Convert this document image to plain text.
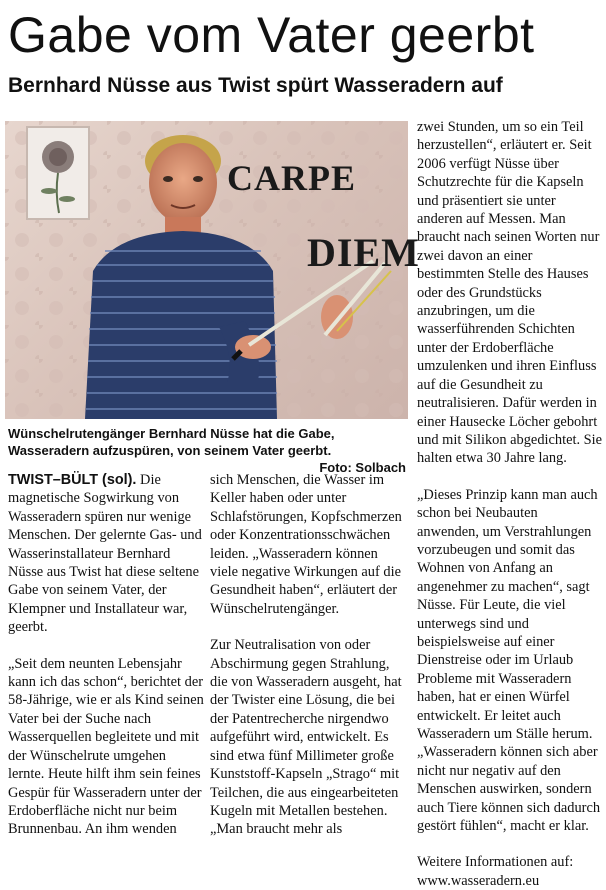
Gabe vom Vater geerbt
Bernhard Nüsse aus Twist spürt Wasseradern auf
CARPE
DIEM
Wünschelrutengänger Bernhard Nüsse hat die Gabe, Wasseradern aufzuspüren, von seinem Vater geerbt.
Foto: Solbach

TWIST–BÜLT (sol). Die magnetische Sogwirkung von Wasseradern spüren nur wenige Menschen. Der gelernte Gas- und Wasserinstallateur Bernhard Nüsse aus Twist hat diese seltene Gabe von seinem Vater, der Klempner und Installateur war, geerbt.

„Seit dem neunten Lebensjahr kann ich das schon“, berichtet der 58-Jährige, wie er als Kind seinen Vater bei der Suche nach Wasserquellen begleitete und mit der Wünschelrute umgehen lernte. Heute hilft ihm sein feines Gespür für Wasseradern unter der Erdoberfläche nicht nur beim Brunnenbau. An ihm wenden

sich Menschen, die Wasser im Keller haben oder unter Schlafstörungen, Kopfschmerzen oder Konzentrationsschwächen leiden. „Wasseradern können viele negative Wirkungen auf die Gesundheit haben“, erläutert der Wünschelrutengänger.

Zur Neutralisation von oder Abschirmung gegen Strahlung, die von Wasseradern ausgeht, hat der Twister eine Lösung, die bei der Patentrecherche nirgendwo aufgeführt wird, entwickelt. Es sind etwa fünf Millimeter große Kunststoff-Kapseln „Strago“ mit Teilchen, die aus eingearbeiteten Kugeln mit Metallen bestehen. „Man braucht mehr als

zwei Stunden, um so ein Teil herzustellen“, erläutert er. Seit 2006 verfügt Nüsse über Schutzrechte für die Kapseln und präsentiert sie unter anderen auf Messen. Man braucht nach seinen Worten nur zwei davon an einer bestimmten Stelle des Hauses oder des Grundstücks anzubringen, um die wasserführenden Schichten unter der Erdoberfläche umzulenken und ihren Einfluss auf die Gesundheit zu neutralisieren. Dafür werden in einer Hausecke Löcher gebohrt und mit Silikon abgedichtet. Sie halten etwa 30 Jahre lang.

„Dieses Prinzip kann man auch schon bei Neubauten anwenden, um Verstrahlungen vorzubeugen und somit das Wohnen von Anfang an angenehmer zu machen“, sagt Nüsse. Für Leute, die viel unterwegs sind und beispielsweise auf einer Dienstreise oder im Urlaub Probleme mit Wasseradern haben, hat er einen Würfel entwickelt. Er leitet auch Wasseradern um Ställe herum. „Wasseradern können sich aber nicht nur negativ auf den Menschen auswirken, sondern auch Tiere können sich dadurch gestört fühlen“, macht er klar.

Weitere Informationen auf: www.wasseradern.eu
